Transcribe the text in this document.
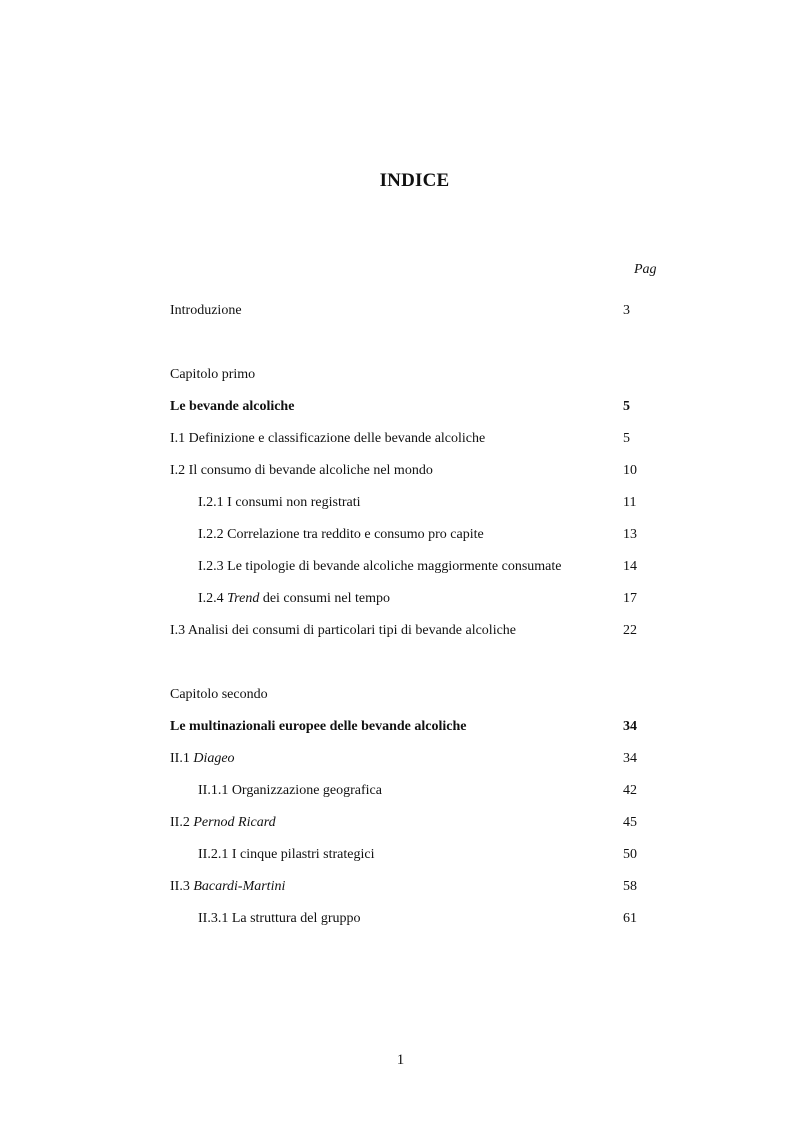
INDICE
Pag
Introduzione	3
Capitolo primo
Le bevande alcoliche	5
I.1 Definizione e classificazione delle bevande alcoliche	5
I.2 Il consumo di bevande alcoliche nel mondo	10
I.2.1 I consumi non registrati	11
I.2.2 Correlazione tra reddito e consumo pro capite	13
I.2.3 Le tipologie di bevande alcoliche maggiormente consumate	14
I.2.4 Trend dei consumi nel tempo	17
I.3 Analisi dei consumi di particolari tipi di bevande alcoliche	22
Capitolo secondo
Le multinazionali europee delle bevande alcoliche	34
II.1 Diageo	34
II.1.1 Organizzazione geografica	42
II.2 Pernod Ricard	45
II.2.1 I cinque pilastri strategici	50
II.3 Bacardi-Martini	58
II.3.1 La struttura del gruppo	61
1
